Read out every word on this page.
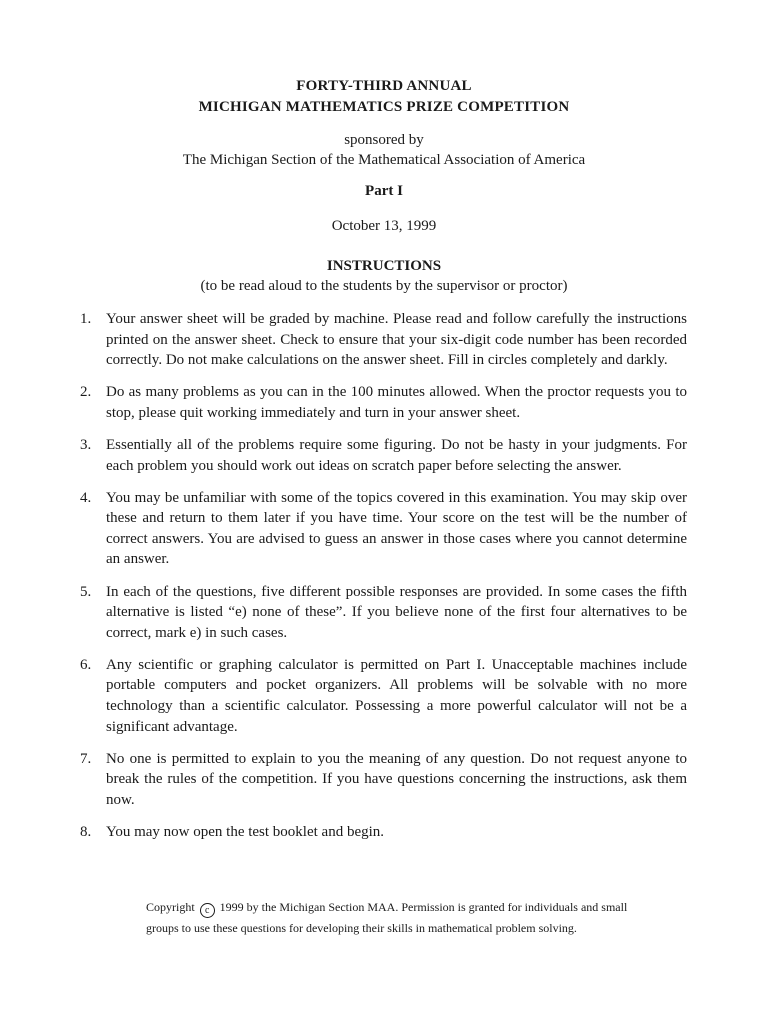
FORTY-THIRD ANNUAL
MICHIGAN MATHEMATICS PRIZE COMPETITION
sponsored by
The Michigan Section of the Mathematical Association of America
Part I
October 13, 1999
INSTRUCTIONS
(to be read aloud to the students by the supervisor or proctor)
1. Your answer sheet will be graded by machine. Please read and follow carefully the instructions printed on the answer sheet. Check to ensure that your six-digit code number has been recorded correctly. Do not make calculations on the answer sheet. Fill in circles completely and darkly.
2. Do as many problems as you can in the 100 minutes allowed. When the proctor requests you to stop, please quit working immediately and turn in your answer sheet.
3. Essentially all of the problems require some figuring. Do not be hasty in your judgments. For each problem you should work out ideas on scratch paper before selecting the answer.
4. You may be unfamiliar with some of the topics covered in this examination. You may skip over these and return to them later if you have time. Your score on the test will be the number of correct answers. You are advised to guess an answer in those cases where you cannot determine an answer.
5. In each of the questions, five different possible responses are provided. In some cases the fifth alternative is listed “e) none of these”. If you believe none of the first four alternatives to be correct, mark e) in such cases.
6. Any scientific or graphing calculator is permitted on Part I. Unacceptable machines include portable computers and pocket organizers. All problems will be solvable with no more technology than a scientific calculator. Possessing a more powerful calculator will not be a significant advantage.
7. No one is permitted to explain to you the meaning of any question. Do not request anyone to break the rules of the competition. If you have questions concerning the instructions, ask them now.
8. You may now open the test booklet and begin.
Copyright c 1999 by the Michigan Section MAA. Permission is granted for individuals and small groups to use these questions for developing their skills in mathematical problem solving.
